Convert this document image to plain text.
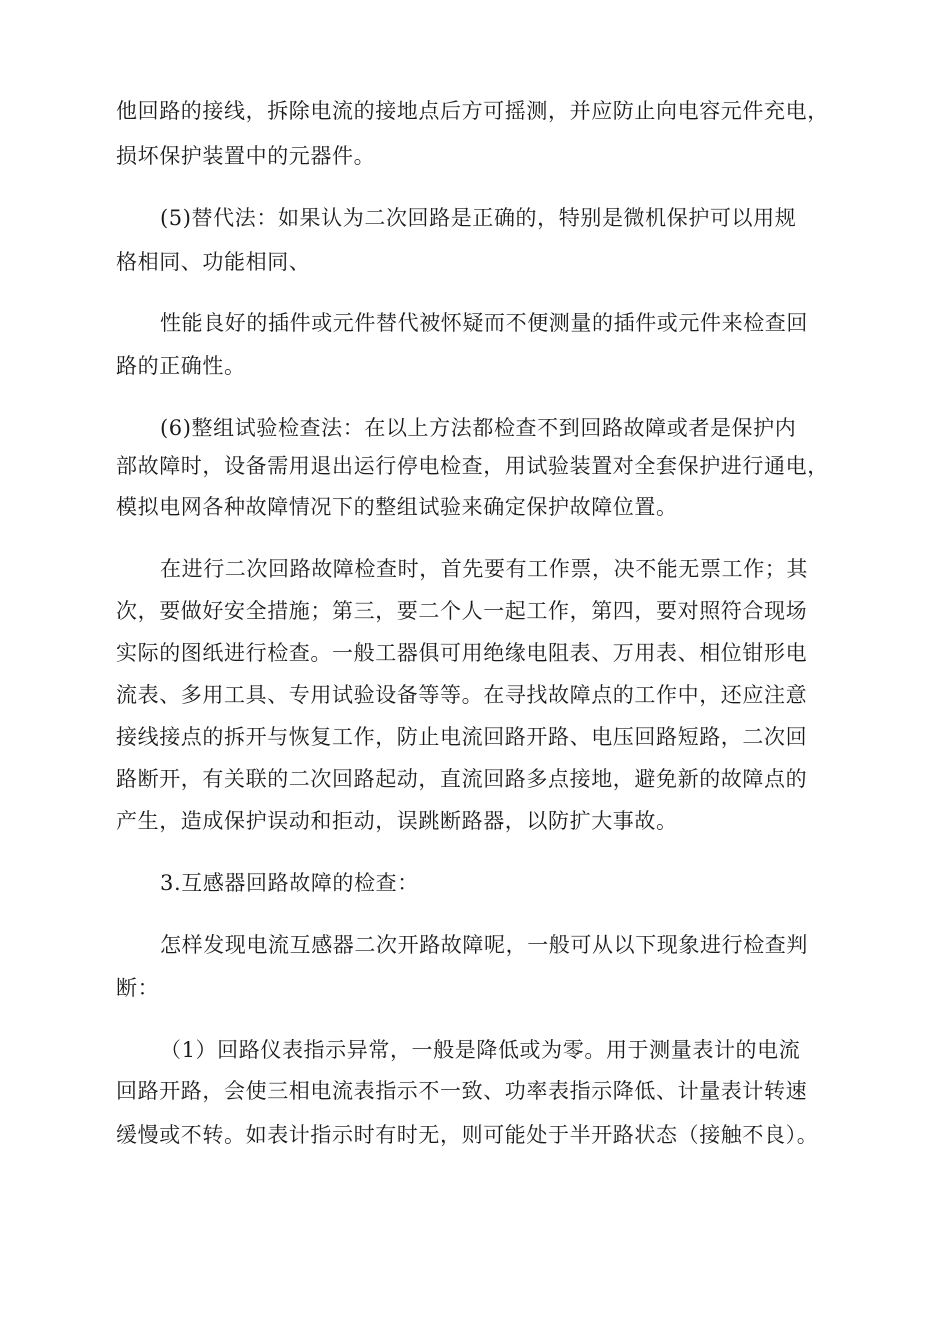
他回路的接线，拆除电流的接地点后方可摇测，并应防止向电容元件充电，
损坏保护装置中的元器件。
(5)替代法：如果认为二次回路是正确的，特别是微机保护可以用规
格相同、功能相同、
性能良好的插件或元件替代被怀疑而不便测量的插件或元件来检查回
路的正确性。
(6)整组试验检查法：在以上方法都检查不到回路故障或者是保护内
部故障时，设备需用退出运行停电检查，用试验装置对全套保护进行通电，
模拟电网各种故障情况下的整组试验来确定保护故障位置。
在进行二次回路故障检查时，首先要有工作票，决不能无票工作；其
次，要做好安全措施；第三，要二个人一起工作，第四，要对照符合现场
实际的图纸进行检查。一般工器俱可用绝缘电阻表、万用表、相位钳形电
流表、多用工具、专用试验设备等等。在寻找故障点的工作中，还应注意
接线接点的拆开与恢复工作，防止电流回路开路、电压回路短路，二次回
路断开，有关联的二次回路起动，直流回路多点接地，避免新的故障点的
产生，造成保护误动和拒动，误跳断路器，以防扩大事故。
3.互感器回路故障的检查：
怎样发现电流互感器二次开路故障呢，一般可从以下现象进行检查判
断：
（1）回路仪表指示异常，一般是降低或为零。用于测量表计的电流
回路开路，会使三相电流表指示不一致、功率表指示降低、计量表计转速
缓慢或不转。如表计指示时有时无，则可能处于半开路状态（接触不良）。
